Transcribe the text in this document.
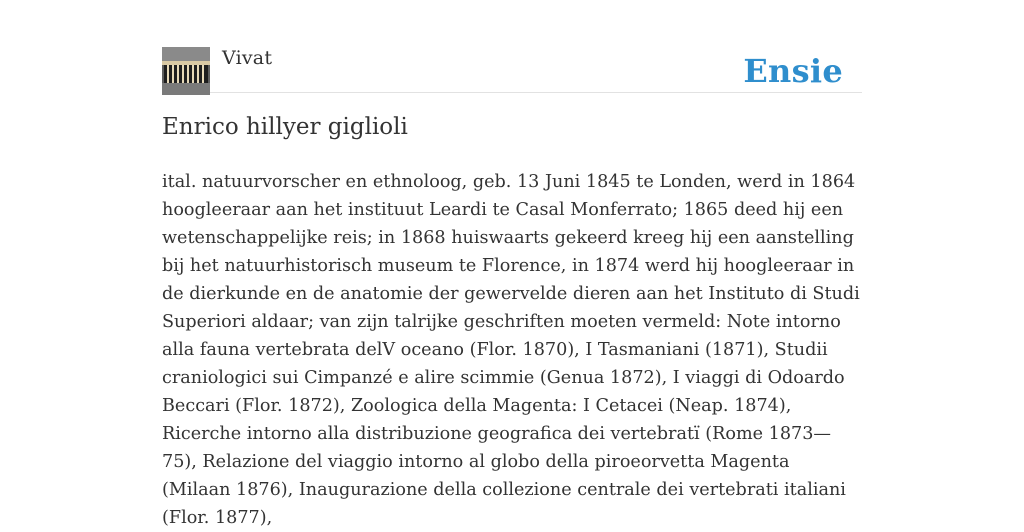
Vivat	Ensie
Enrico hillyer giglioli

ital. natuurvorscher en ethnoloog, geb. 13 Juni 1845 te Londen, werd in 1864 hoogleeraar aan het instituut Leardi te Casal Monferrato; 1865 deed hij een wetenschappelijke reis; in 1868 huiswaarts gekeerd kreeg hij een aanstelling bij het natuurhistorisch museum te Florence, in 1874 werd hij hoogleeraar in de dierkunde en de anatomie der gewervelde dieren aan het Instituto di Studi Superiori aldaar; van zijn talrijke geschriften moeten vermeld: Note intorno alla fauna vertebrata delV oceano (Flor. 1870), I Tasmaniani (1871), Studii craniologici sui Cimpanzé e alire scimmie (Genua 1872), I viaggi di Odoardo Beccari (Flor. 1872), Zoologica della Magenta: I Cetacei (Neap. 1874), Ricerche intorno alla distribuzione geografica dei vertebratï (Rome 1873—75), Relazione del viaggio intorno al globo della piroeorvetta Magenta (Milaan 1876), Inaugurazione della collezione centrale dei vertebrati italiani (Flor. 1877),
